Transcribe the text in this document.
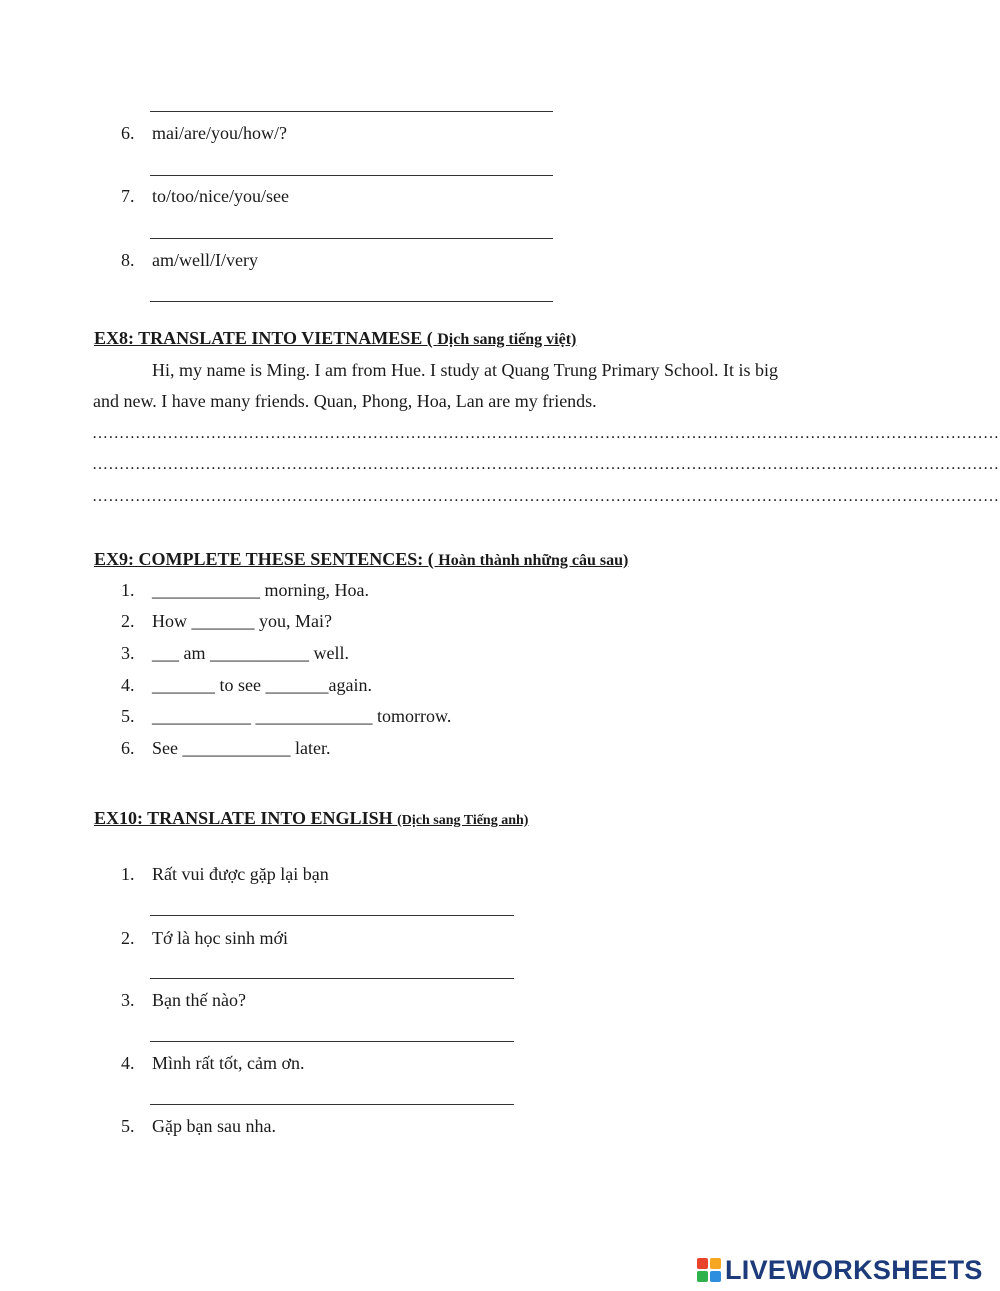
6. mai/are/you/how/?
7. to/too/nice/you/see
8. am/well/I/very
EX8: TRANSLATE INTO VIETNAMESE ( Dịch sang tiếng việt)
Hi, my name is Ming. I am from Hue. I study at Quang Trung Primary School. It is big
and new. I have many friends. Quan, Phong, Hoa, Lan are my friends.
……………………………………………………………………………………………………………………………………………………
……………………………………………………………………………………………………………………………………………………
……………………………………………………………………………………………………………………………………………………
EX9: COMPLETE THESE SENTENCES: ( Hoàn thành những câu sau)
1. ____________ morning, Hoa.
2. How _______ you, Mai?
3. ___ am ___________ well.
4. _______ to see _______again.
5. ___________ _____________ tomorrow.
6. See ____________ later.
EX10: TRANSLATE INTO ENGLISH (Dịch sang Tiếng anh)
1. Rất vui được gặp lại bạn
2. Tớ là học sinh mới
3. Bạn thế nào?
4. Mình rất tốt, cảm ơn.
5. Gặp bạn sau nha.
LIVEWORKSHEETS
